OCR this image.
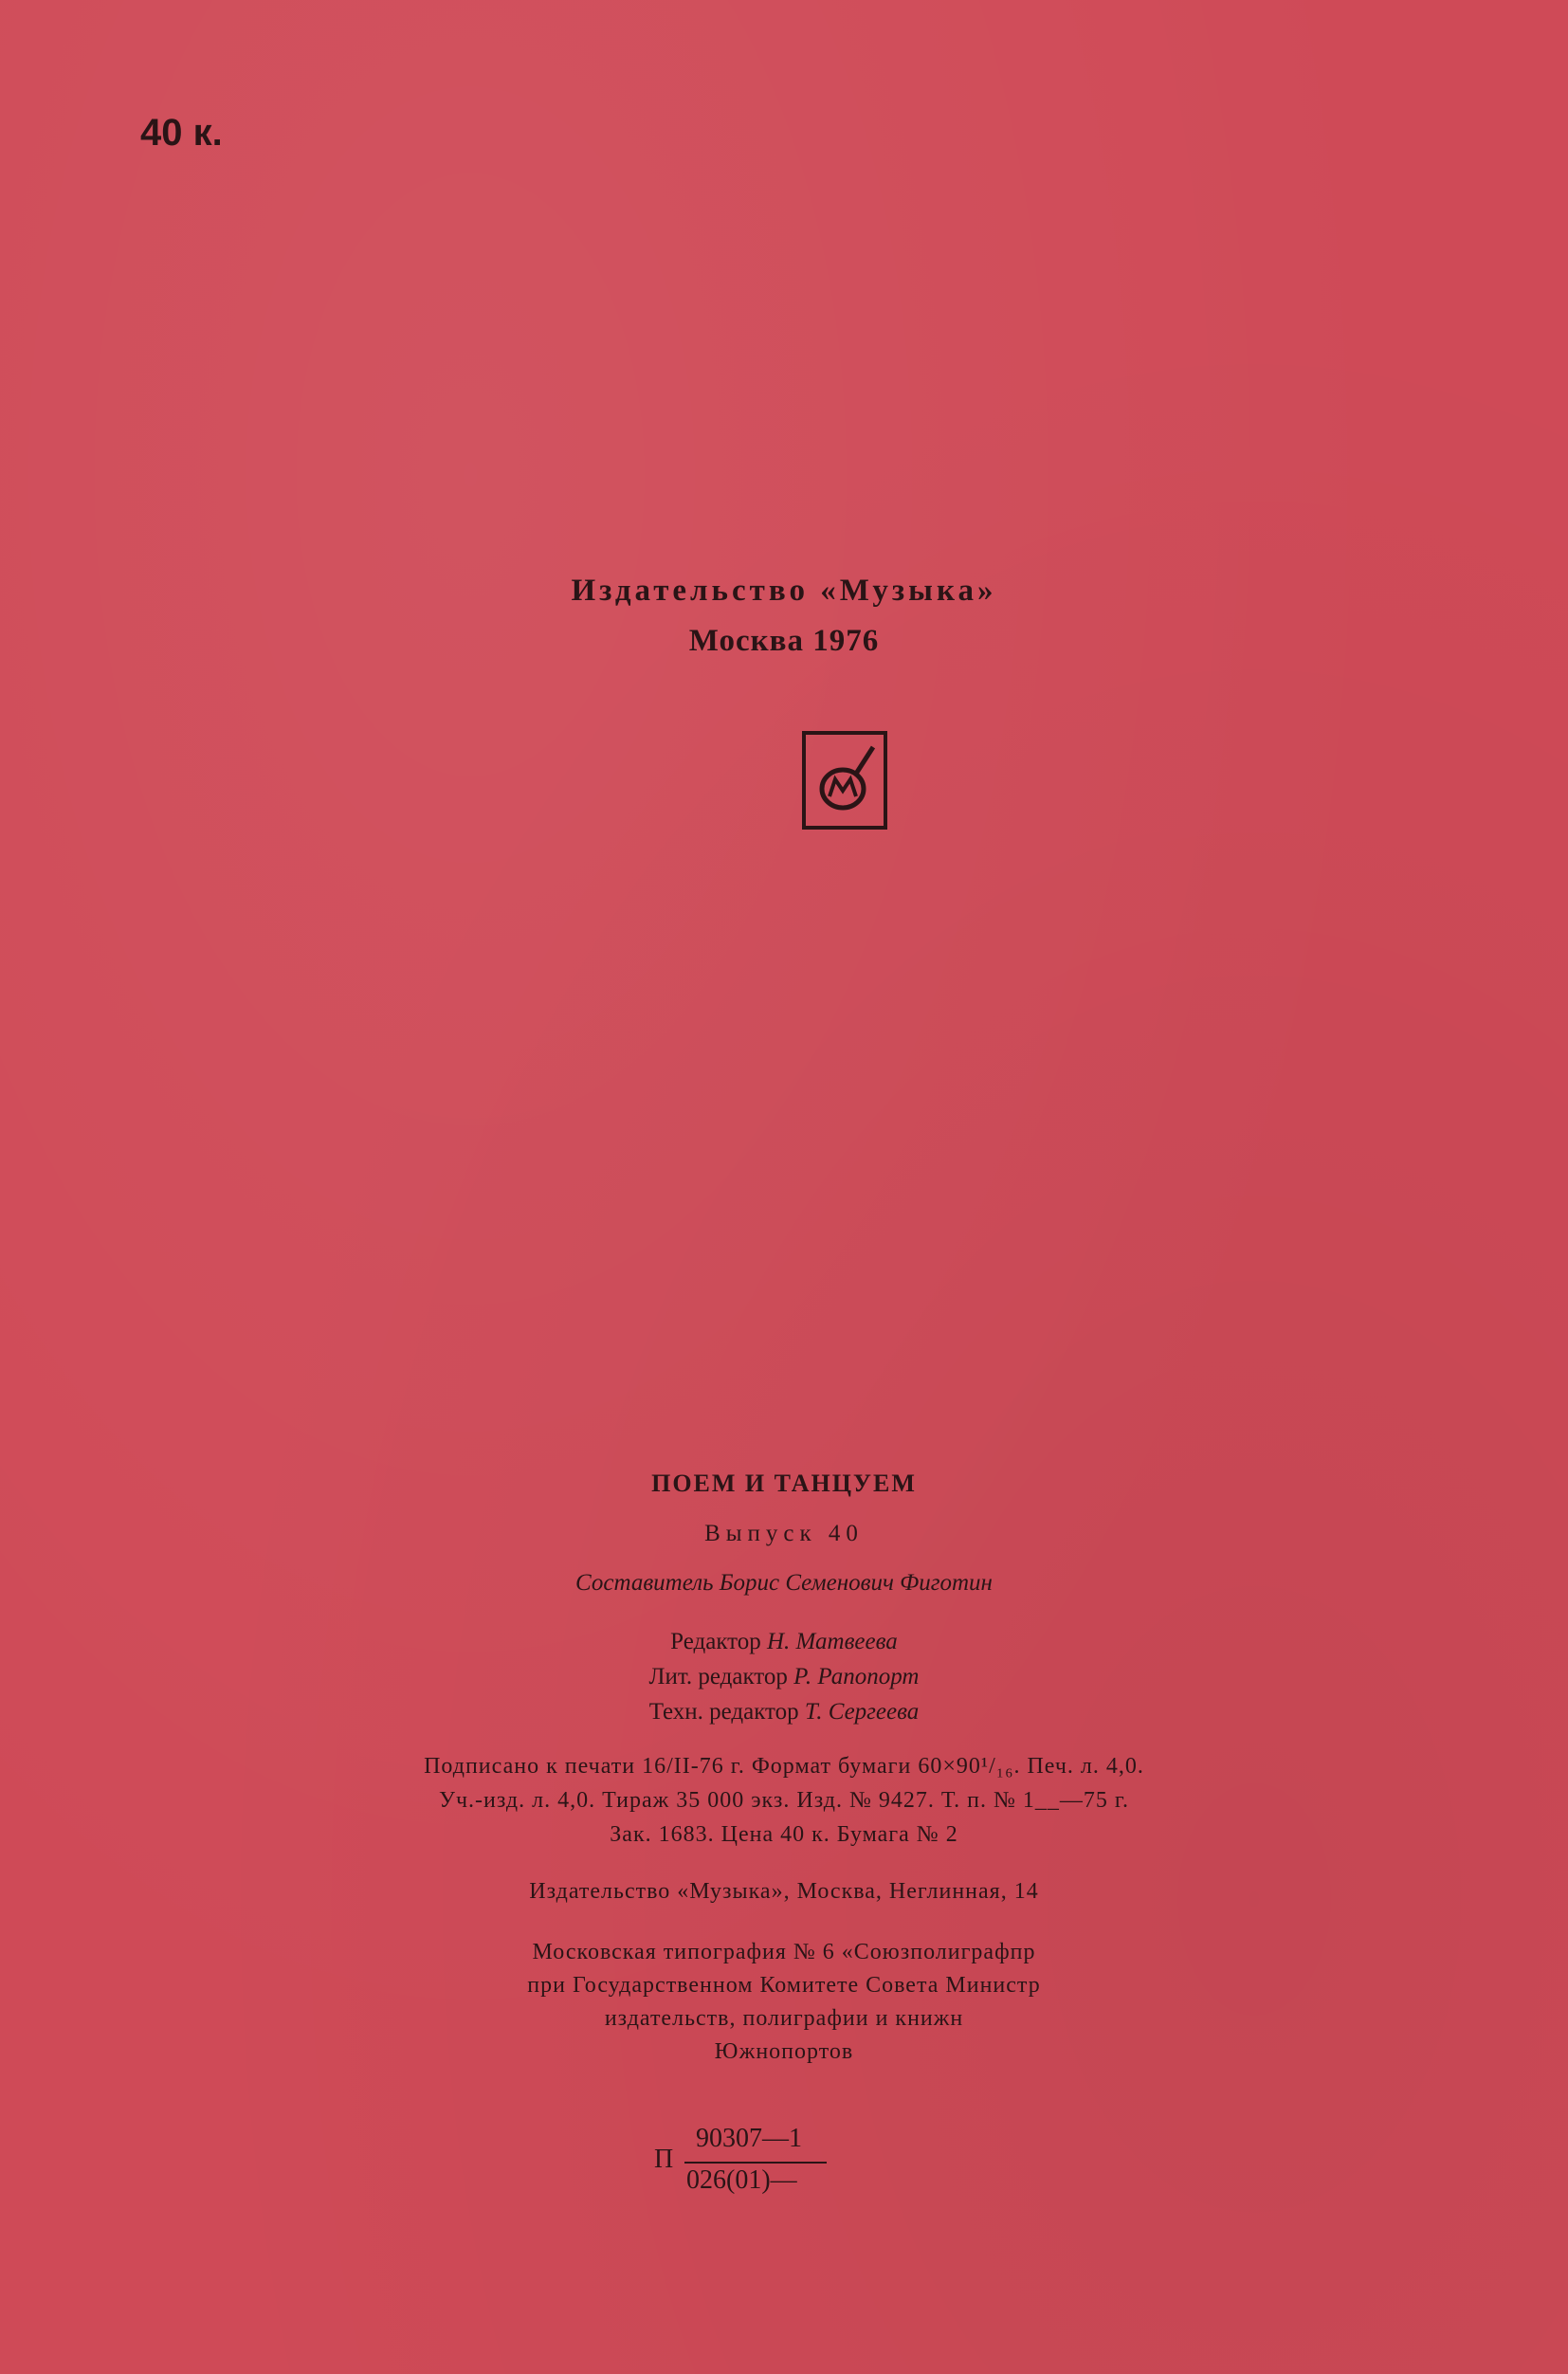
40 к.
Издательство «Музыка»
Москва 1976
ПОЕМ И ТАНЦУЕМ
Выпуск 40
Составитель Борис Семенович Фиготин
Редактор Н. Матвеева
Лит. редактор Р. Рапопорт
Техн. редактор Т. Сергеева
Подписано к печати 16/II-76 г. Формат бумаги 60×90¹/₁₆. Печ. л. 4,0.
Уч.-изд. л. 4,0. Тираж 35 000 экз. Изд. № 9427. Т. п. № 1__—75 г.
Зак. 1683. Цена 40 к. Бумага № 2
Издательство «Музыка», Москва, Неглинная, 14
Московская типография № 6 «Союзполиграфпр
при Государственном Комитете Совета Министр
издательств, полиграфии и книжн
Южнопортов
П
90307—1
026(01)—
